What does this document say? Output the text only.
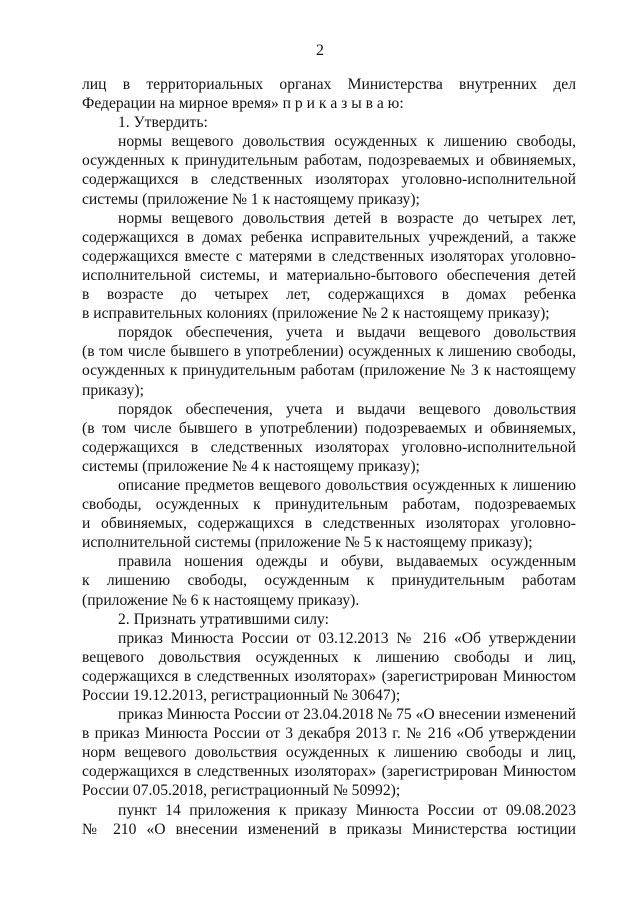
2
лиц в территориальных органах Министерства внутренних дел
Федерации на мирное время» п р и к а з ы в а ю:
1. Утвердить:
нормы вещевого довольствия осужденных к лишению свободы,
осужденных к принудительным работам, подозреваемых и обвиняемых,
содержащихся в следственных изоляторах уголовно-исполнительной
системы (приложение № 1 к настоящему приказу);
нормы вещевого довольствия детей в возрасте до четырех лет,
содержащихся в домах ребенка исправительных учреждений, а также
содержащихся вместе с матерями в следственных изоляторах уголовно-
исполнительной системы, и материально-бытового обеспечения детей
в возрасте до четырех лет, содержащихся в домах ребенка
в исправительных колониях (приложение № 2 к настоящему приказу);
порядок обеспечения, учета и выдачи вещевого довольствия
(в том числе бывшего в употреблении) осужденных к лишению свободы,
осужденных к принудительным работам (приложение № 3 к настоящему
приказу);
порядок обеспечения, учета и выдачи вещевого довольствия
(в том числе бывшего в употреблении) подозреваемых и обвиняемых,
содержащихся в следственных изоляторах уголовно-исполнительной
системы (приложение № 4 к настоящему приказу);
описание предметов вещевого довольствия осужденных к лишению
свободы, осужденных к принудительным работам, подозреваемых
и обвиняемых, содержащихся в следственных изоляторах уголовно-
исполнительной системы (приложение № 5 к настоящему приказу);
правила ношения одежды и обуви, выдаваемых осужденным
к лишению свободы, осужденным к принудительным работам
(приложение № 6 к настоящему приказу).
2. Признать утратившими силу:
приказ Минюста России от 03.12.2013 № 216 «Об утверждении
вещевого довольствия осужденных к лишению свободы и лиц,
содержащихся в следственных изоляторах» (зарегистрирован Минюстом
России 19.12.2013, регистрационный № 30647);
приказ Минюста России от 23.04.2018 № 75 «О внесении изменений
в приказ Минюста России от 3 декабря 2013 г. № 216 «Об утверждении
норм вещевого довольствия осужденных к лишению свободы и лиц,
содержащихся в следственных изоляторах» (зарегистрирован Минюстом
России 07.05.2018, регистрационный № 50992);
пункт 14 приложения к приказу Минюста России от 09.08.2023
№ 210 «О внесении изменений в приказы Министерства юстиции
